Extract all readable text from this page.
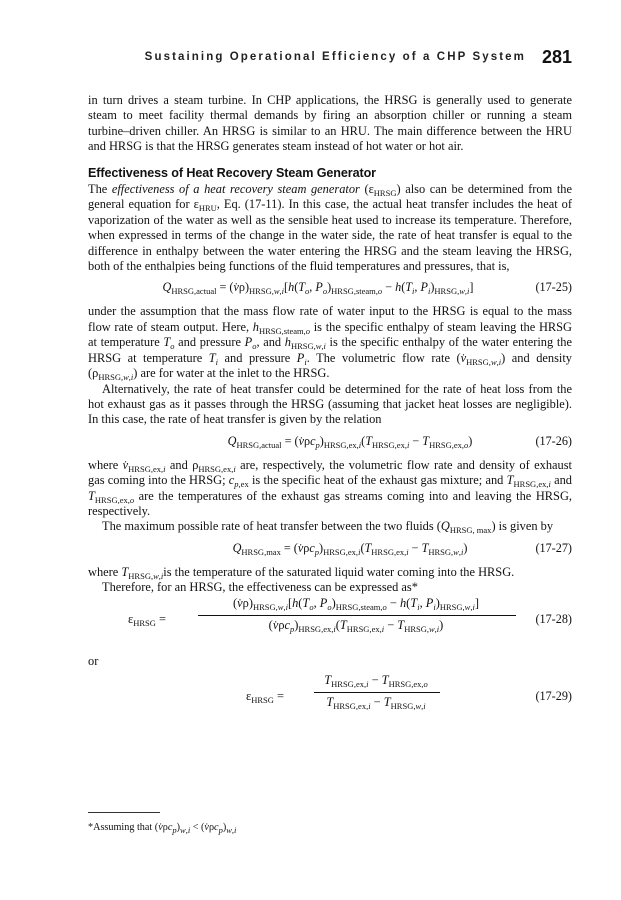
Sustaining Operational Efficiency of a CHP System 281

in turn drives a steam turbine. In CHP applications, the HRSG is generally used to generate steam to meet facility thermal demands by firing an absorption chiller or running a steam turbine–driven chiller. An HRSG is similar to an HRU. The main difference between the HRU and HRSG is that the HRSG generates steam instead of hot water or hot air.

Effectiveness of Heat Recovery Steam Generator

The effectiveness of a heat recovery steam generator $(\varepsilon_{HRSG})$ also can be determined from the general equation for $\varepsilon_{HRU}$, Eq. (17-11). In this case, the actual heat transfer includes the heat of vaporization of the water as well as the sensible heat used to increase its temperature. Therefore, when expressed in terms of the change in the water side, the rate of heat transfer is equal to the difference in enthalpy between the water entering the HRSG and the steam leaving the HRSG, both of the enthalpies being functions of the fluid temperatures and pressures, that is,

$Q_{HRSG,actual}$ = $(v̇\rho)_{HRSG,w,i}[h(T_o$, $P_o)_{HRSG,steam,o} - h(T_i$, $P_i)_{HRSG,w,i}$]	(17-25)

under the assumption that the mass flow rate of water input to the HRSG is equal to the mass flow rate of steam output. Here, $h_{HRSG,steam,o}$ is the specific enthalpy of steam leaving the HRSG at temperature $T_o$ and pressure $P_o$, and $h_{HRSG,w,i}$ is the specific enthalpy of the water entering the HRSG at temperature $T_i$ and pressure $P_i$. The volumetric flow rate $(v̇_{HRSG,w,i})$ and density $(\rho_{HRSG,w,i})$ are for water at the inlet to the HRSG.

Alternatively, the rate of heat transfer could be determined for the rate of heat loss from the hot exhaust gas as it passes through the HRSG (assuming that jacket heat losses are negligible). In this case, the rate of heat transfer is given by the relation

$Q_{HRSG,actual}$ = $(v̇\rho c_p)_{HRSG,ex,i}(T_{HRSG,ex,i} - T_{HRSG,ex,o})$	(17-26)

where $v̇_{HRSG,ex,i}$ and $\rho_{HRSG,ex,i}$ are, respectively, the volumetric flow rate and density of exhaust gas coming into the HRSG; $c_{p,ex}$ is the specific heat of the exhaust gas mixture; and $T_{HRSG,ex,i}$ and $T_{HRSG,ex,o}$ are the temperatures of the exhaust gas streams coming into and leaving the HRSG, respectively.

The maximum possible rate of heat transfer between the two fluids $(Q_{HRSG, max})$ is given by

$Q_{HRSG,max}$ = $(v̇\rho c_p)_{HRSG,ex,i}(T_{HRSG,ex,i} - T_{HRSG,w,i})$	(17-27)

where $T_{HRSG,w,i}is$ the temperature of the saturated liquid water coming into the HRSG.

Therefore, for an HRSG, the effectiveness can be expressed as*

$\varepsilon_{HRSG}$ =
$(v̇\rho)_{HRSG,w,i}[h(T_o$, $P_o)_{HRSG,steam,o} - h(T_i$, $P_i)_{HRSG,w,i}$]
$(v̇\rho c_p)_{HRSG,ex,i}(T_{HRSG,ex,i} - T_{HRSG,w,i})$	(17-28)

or

$\varepsilon_{HRSG}$ =
$T_{HRSG,ex,i} - T_{HRSG,ex,o}$
$T_{HRSG,ex,i} - T_{HRSG,w,i}$
(17-29)
*Assuming that $(v̇\rho c_p)_{w,i}$ < $(v̇\rho c_p)_{w,i}$
